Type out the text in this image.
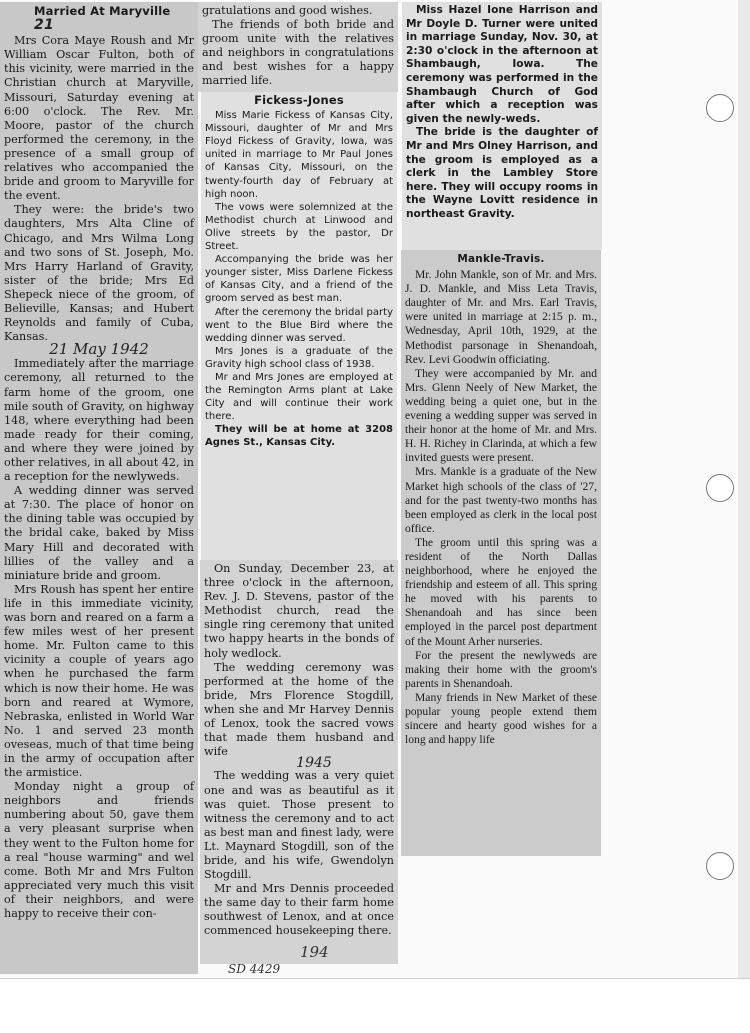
Married At Maryville 21

Mrs Cora Maye Roush and Mr William Oscar Fulton, both of this vicinity, were married in the Christian church at Maryville, Missouri, Saturday evening at 6:00 o'clock. The Rev. Mr. Moore, pastor of the church performed the ceremony, in the presence of a small group of relatives who accompanied the bride and groom to Maryville for the event.

They were: the bride's two daughters, Mrs Alta Cline of Chicago, and Mrs Wilma Long and two sons of St. Joseph, Mo. Mrs Harry Harland of Gravity, sister of the bride; Mrs Ed Shepeck niece of the groom, of Believille, Kansas; and Hubert Reynolds and family of Cuba, Kansas.

21 May 1942

Immediately after the marriage ceremony, all returned to the farm home of the groom, one mile south of Gravity, on highway 148, where everything had been made ready for their coming, and where they were joined by other relatives, in all about 42, in a reception for the newlyweds.

A wedding dinner was served at 7:30. The place of honor on the dining table was occupied by the bridal cake, baked by Miss Mary Hill and decorated with lillies of the valley and a miniature bride and groom.

Mrs Roush has spent her entire life in this immediate vicinity, was born and reared on a farm a few miles west of her present home. Mr. Fulton came to this vicinity a couple of years ago when he purchased the farm which is now their home. He was born and reared at Wymore, Nebraska, enlisted in World War No. 1 and served 23 month oveseas, much of that time being in the army of occupation after the armistice.

Monday night a group of neighbors and friends numbering about 50, gave them a very pleasant surprise when they went to the Fulton home for a real "house warming" and wel come. Both Mr and Mrs Fulton appreciated very much this visit of their neighbors, and were happy to receive their con-

gratulations and good wishes.

The friends of both bride and groom unite with the relatives and neighbors in congratulations and best wishes for a happy married life.

Fickess-Jones

Miss Marie Fickess of Kansas City, Missouri, daughter of Mr and Mrs Floyd Fickess of Gravity, Iowa, was united in marriage to Mr Paul Jones of Kansas City, Missouri, on the twenty-fourth day of February at high noon.

The vows were solemnized at the Methodist church at Linwood and Olive streets by the pastor, Dr Street.

Accompanying the bride was her younger sister, Miss Darlene Fickess of Kansas City, and a friend of the groom served as best man.

After the ceremony the bridal party went to the Blue Bird where the wedding dinner was served.

Mrs Jones is a graduate of the Gravity high school class of 1938.

Mr and Mrs Jones are employed at the Remington Arms plant at Lake City and will continue their work there.

They will be at home at 3208 Agnes St., Kansas City.

On Sunday, December 23, at three o'clock in the afternoon, Rev. J. D. Stevens, pastor of the Methodist church, read the single ring ceremony that united two happy hearts in the bonds of holy wedlock.

The wedding ceremony was performed at the home of the bride, Mrs Florence Stogdill, when she and Mr Harvey Dennis of Lenox, took the sacred vows that made them husband and wife

1945

The wedding was a very quiet one and was as beautiful as it was quiet. Those present to witness the ceremony and to act as best man and finest lady, were Lt. Maynard Stogdill, son of the bride, and his wife, Gwendolyn Stogdill.

Mr and Mrs Dennis proceeded the same day to their farm home southwest of Lenox, and at once commenced housekeeping there.

194

Miss Hazel Ione Harrison and Mr Doyle D. Turner were united in marriage Sunday, Nov. 30, at 2:30 o'clock in the afternoon at Shambaugh, Iowa. The ceremony was performed in the Shambaugh Church of God after which a reception was given the newly-weds.

The bride is the daughter of Mr and Mrs Olney Harrison, and the groom is employed as a clerk in the Lambley Store here. They will occupy rooms in the Wayne Lovitt residence in northeast Gravity.

Mankle-Travis.

Mr. John Mankle, son of Mr. and Mrs. J. D. Mankle, and Miss Leta Travis, daughter of Mr. and Mrs. Earl Travis, were united in marriage at 2:15 p. m., Wednesday, April 10th, 1929, at the Methodist parsonage in Shenandoah, Rev. Levi Goodwin officiating.

They were accompanied by Mr. and Mrs. Glenn Neely of New Market, the wedding being a quiet one, but in the evening a wedding supper was served in their honor at the home of Mr. and Mrs. H. H. Richey in Clarinda, at which a few invited guests were present.

Mrs. Mankle is a graduate of the New Market high schools of the class of '27, and for the past twenty-two months has been employed as clerk in the local post office.

The groom until this spring was a resident of the North Dallas neighborhood, where he enjoyed the friendship and esteem of all. This spring he moved with his parents to Shenandoah and has since been employed in the parcel post department of the Mount Arher nurseries.

For the present the newlyweds are making their home with the groom's parents in Shenandoah.

Many friends in New Market of these popular young people extend them sincere and hearty good wishes for a long and happy life

SD 4429
